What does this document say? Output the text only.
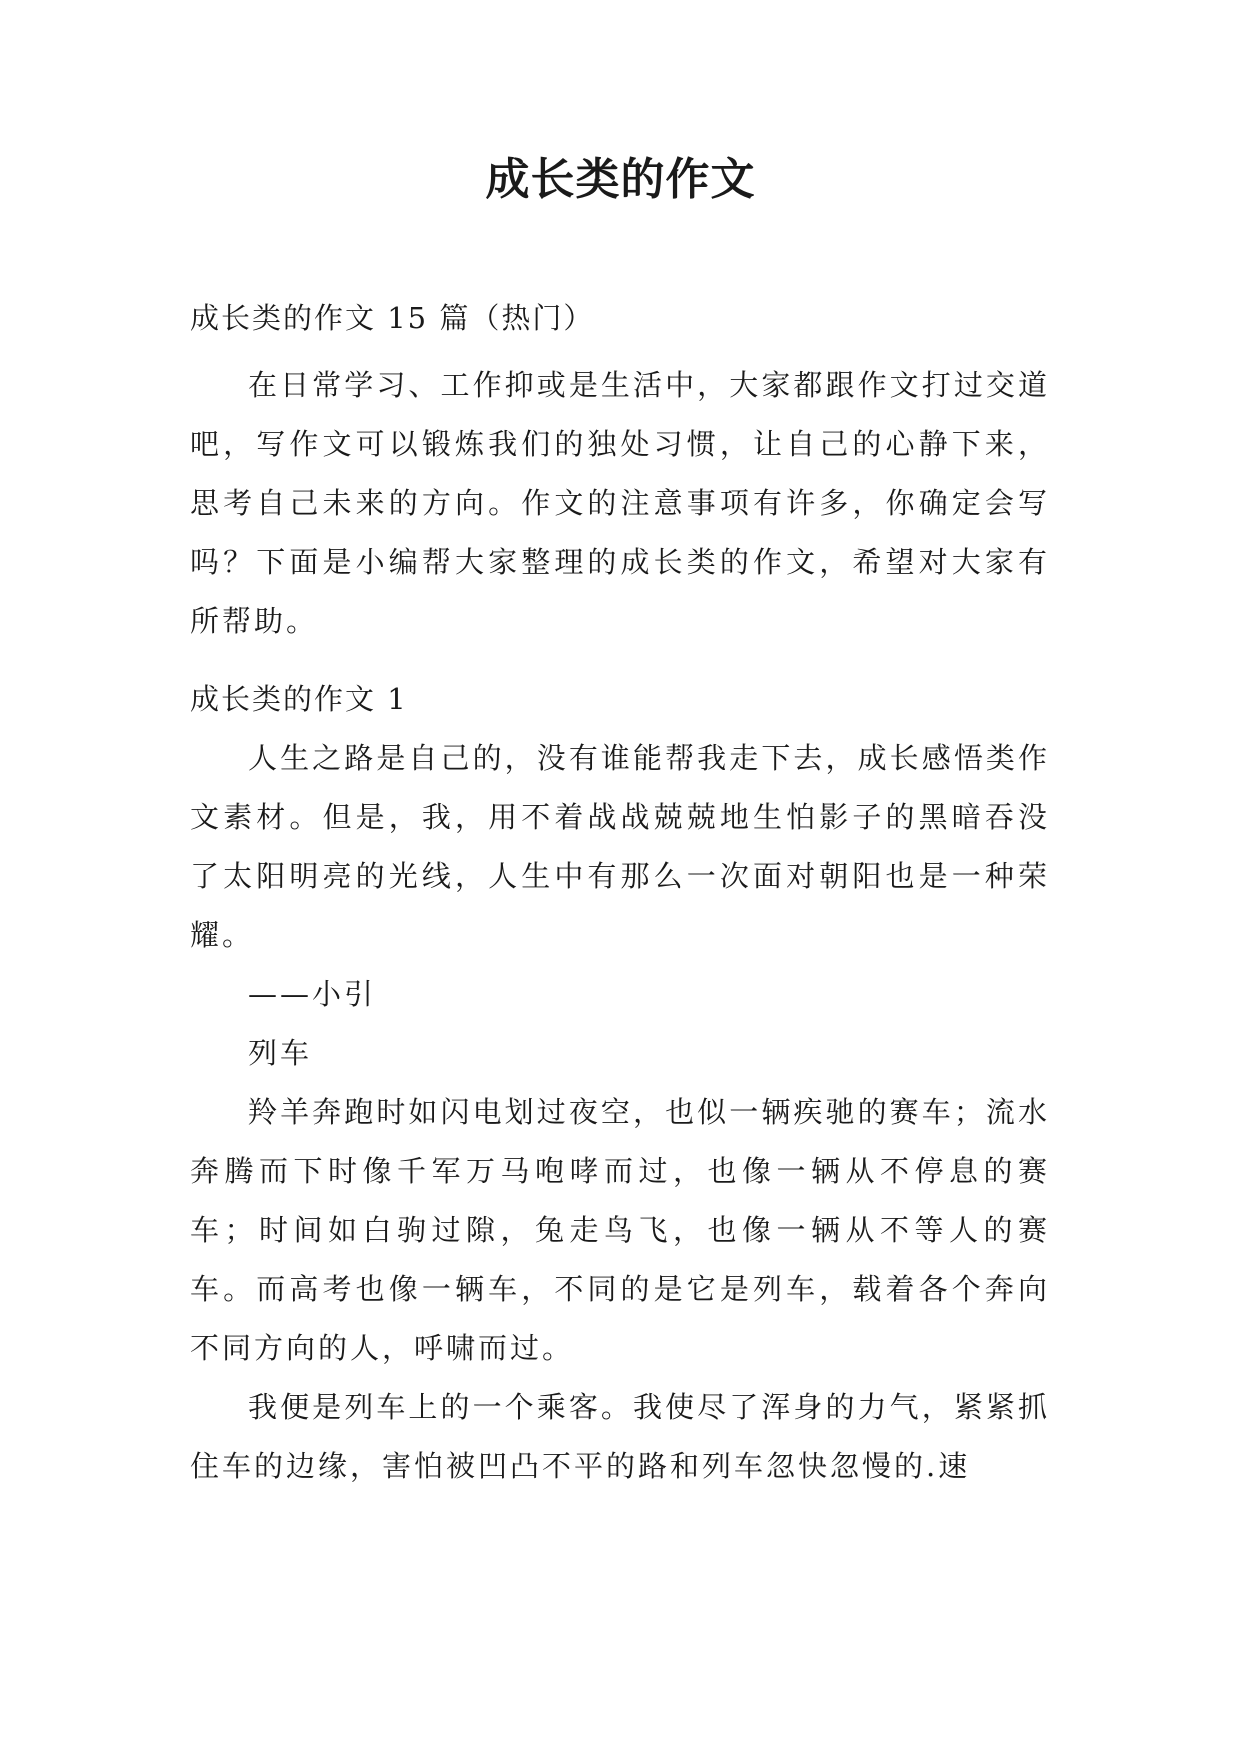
成长类的作文

成长类的作文 15 篇（热门）

在日常学习、工作抑或是生活中，大家都跟作文打过交道吧，写作文可以锻炼我们的独处习惯，让自己的心静下来，思考自己未来的方向。作文的注意事项有许多，你确定会写吗？下面是小编帮大家整理的成长类的作文，希望对大家有所帮助。

成长类的作文 1

人生之路是自己的，没有谁能帮我走下去，成长感悟类作文素材。但是，我，用不着战战兢兢地生怕影子的黑暗吞没了太阳明亮的光线，人生中有那么一次面对朝阳也是一种荣耀。

——小引

列车

羚羊奔跑时如闪电划过夜空，也似一辆疾驰的赛车；流水奔腾而下时像千军万马咆哮而过，也像一辆从不停息的赛车；时间如白驹过隙，兔走鸟飞，也像一辆从不等人的赛车。而高考也像一辆车，不同的是它是列车，载着各个奔向不同方向的人，呼啸而过。

我便是列车上的一个乘客。我使尽了浑身的力气，紧紧抓住车的边缘，害怕被凹凸不平的路和列车忽快忽慢的.速
